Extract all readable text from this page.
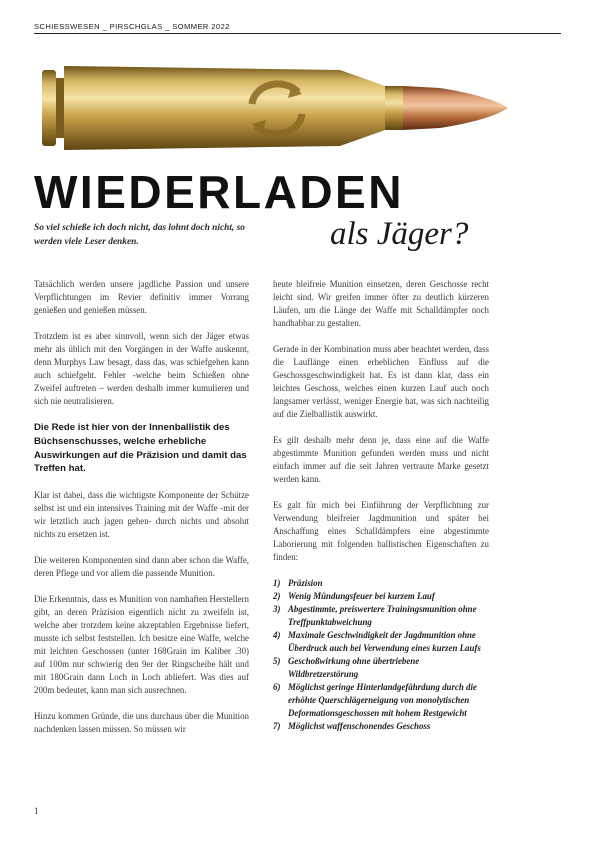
SCHIESSWESEN _ PIRSCHGLAS _ SOMMER 2022
WIEDERLADEN

So viel schieße ich doch nicht, das lohnt doch nicht, so werden viele Leser denken.	als Jäger?

Tatsächlich werden unsere jagdliche Passion und unsere Verpflichtungen im Revier definitiv immer Vorrang genießen und genießen müssen.

Trotzdem ist es aber sinnvoll, wenn sich der Jäger etwas mehr als üblich mit den Vorgängen in der Waffe auskennt, denn Murphys Law besagt, dass das, was schiefgehen kann auch schiefgeht. Fehler -welche beim Schießen ohne Zweifel auftreten – werden deshalb immer kumulieren und sich nie neutralisieren.

Die Rede ist hier von der Innenballistik des Büchsenschusses, welche erhebliche Auswirkungen auf die Präzision und damit das Treffen hat.

Klar ist dabei, dass die wichtigste Komponente der Schütze selbst ist und ein intensives Training mit der Waffe -mit der wir letztlich auch jagen gehen- durch nichts und absolut nichts zu ersetzen ist.

Die weiteren Komponenten sind dann aber schon die Waffe, deren Pflege und vor allem die passende Munition.

Die Erkenntnis, dass es Munition von namhaften Herstellern gibt, an deren Präzision eigentlich nicht zu zweifeln ist, welche aber trotzdem keine akzeptablen Ergebnisse liefert, musste ich selbst feststellen. Ich besitze eine Waffe, welche mit leichten Geschossen (unter 168Grain im Kaliber .30) auf 100m nur schwierig den 9er der Ringscheibe hält und mit 180Grain dann Loch in Loch abliefert. Was dies auf 200m bedeutet, kann man sich ausrechnen.

Hinzu kommen Gründe, die uns durchaus über die Munition nachdenken lassen müssen. So müssen wir

heute bleifreie Munition einsetzen, deren Geschosse recht leicht sind. Wir greifen immer öfter zu deutlich kürzeren Läufen, um die Länge der Waffe mit Schalldämpfer noch handhabbar zu gestalten.

Gerade in der Kombination muss aber beachtet werden, dass die Lauflänge einen erheblichen Einfluss auf die Geschossgeschwindigkeit hat. Es ist dann klar, dass ein leichtes Geschoss, welches einen kurzen Lauf auch noch langsamer verlässt, weniger Energie hat, was sich nachteilig auf die Zielballistik auswirkt.

Es gilt deshalb mehr denn je, dass eine auf die Waffe abgestimmte Munition gefunden werden muss und nicht einfach immer auf die seit Jahren vertraute Marke gesetzt werden kann.

Es galt für mich bei Einführung der Verpflichtung zur Verwendung bleifreier Jagdmunition und später bei Anschaffung eines Schalldämpfers eine abgestimmte Laborierung mit folgenden ballistischen Eigenschaften zu finden:

1) Präzision
2) Wenig Mündungsfeuer bei kurzem Lauf
3) Abgestimmte, preiswertere Trainingsmunition ohne Treffpunktabweichung
4) Maximale Geschwindigkeit der Jagdmunition ohne Überdruck auch bei Verwendung eines kurzen Laufs
5) Geschoßwirkung ohne übertriebene Wildbretzerstörung
6) Möglichst geringe Hinterlandgefährdung durch die erhöhte Querschlägerneigung von monolytischen Deformationsgeschossen mit hohem Restgewicht
7) Möglichst waffenschonendes Geschoss
1
